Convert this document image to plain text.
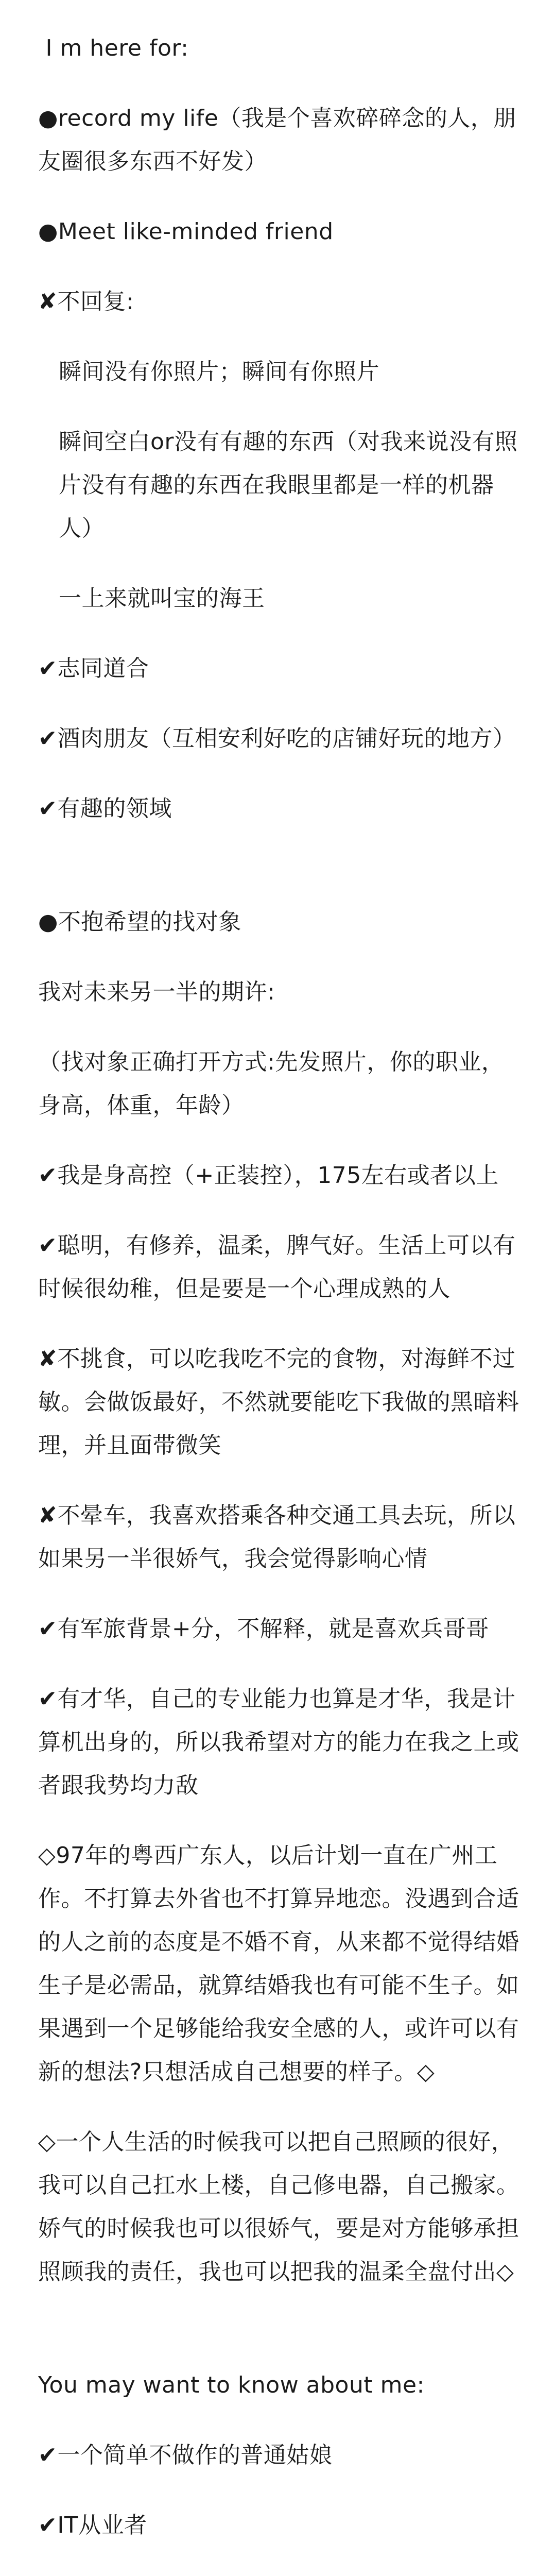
I m here for:

●record my life（我是个喜欢碎碎念的人，朋友圈很多东西不好发）

●Meet like-minded friend

✘不回复:

瞬间没有你照片；瞬间有你照片

瞬间空白or没有有趣的东西（对我来说没有照片没有有趣的东西在我眼里都是一样的机器人）

一上来就叫宝的海王

✔志同道合

✔酒肉朋友（互相安利好吃的店铺好玩的地方）

✔有趣的领域

●不抱希望的找对象

我对未来另一半的期许:

（找对象正确打开方式:先发照片，你的职业，身高，体重，年龄）

✔我是身高控（+正装控），175左右或者以上

✔聪明，有修养，温柔，脾气好。生活上可以有时候很幼稚，但是要是一个心理成熟的人

✘不挑食，可以吃我吃不完的食物，对海鲜不过敏。会做饭最好，不然就要能吃下我做的黑暗料理，并且面带微笑

✘不晕车，我喜欢搭乘各种交通工具去玩，所以如果另一半很娇气，我会觉得影响心情

✔有军旅背景+分，不解释，就是喜欢兵哥哥

✔有才华，自己的专业能力也算是才华，我是计算机出身的，所以我希望对方的能力在我之上或者跟我势均力敌

◇97年的粤西广东人，以后计划一直在广州工作。不打算去外省也不打算异地恋。没遇到合适的人之前的态度是不婚不育，从来都不觉得结婚生子是必需品，就算结婚我也有可能不生子。如果遇到一个足够能给我安全感的人，或许可以有新的想法?只想活成自己想要的样子。◇

◇一个人生活的时候我可以把自己照顾的很好，我可以自己扛水上楼，自己修电器，自己搬家。娇气的时候我也可以很娇气，要是对方能够承担照顾我的责任，我也可以把我的温柔全盘付出◇

You may want to know about me:

✔一个简单不做作的普通姑娘

✔IT从业者
